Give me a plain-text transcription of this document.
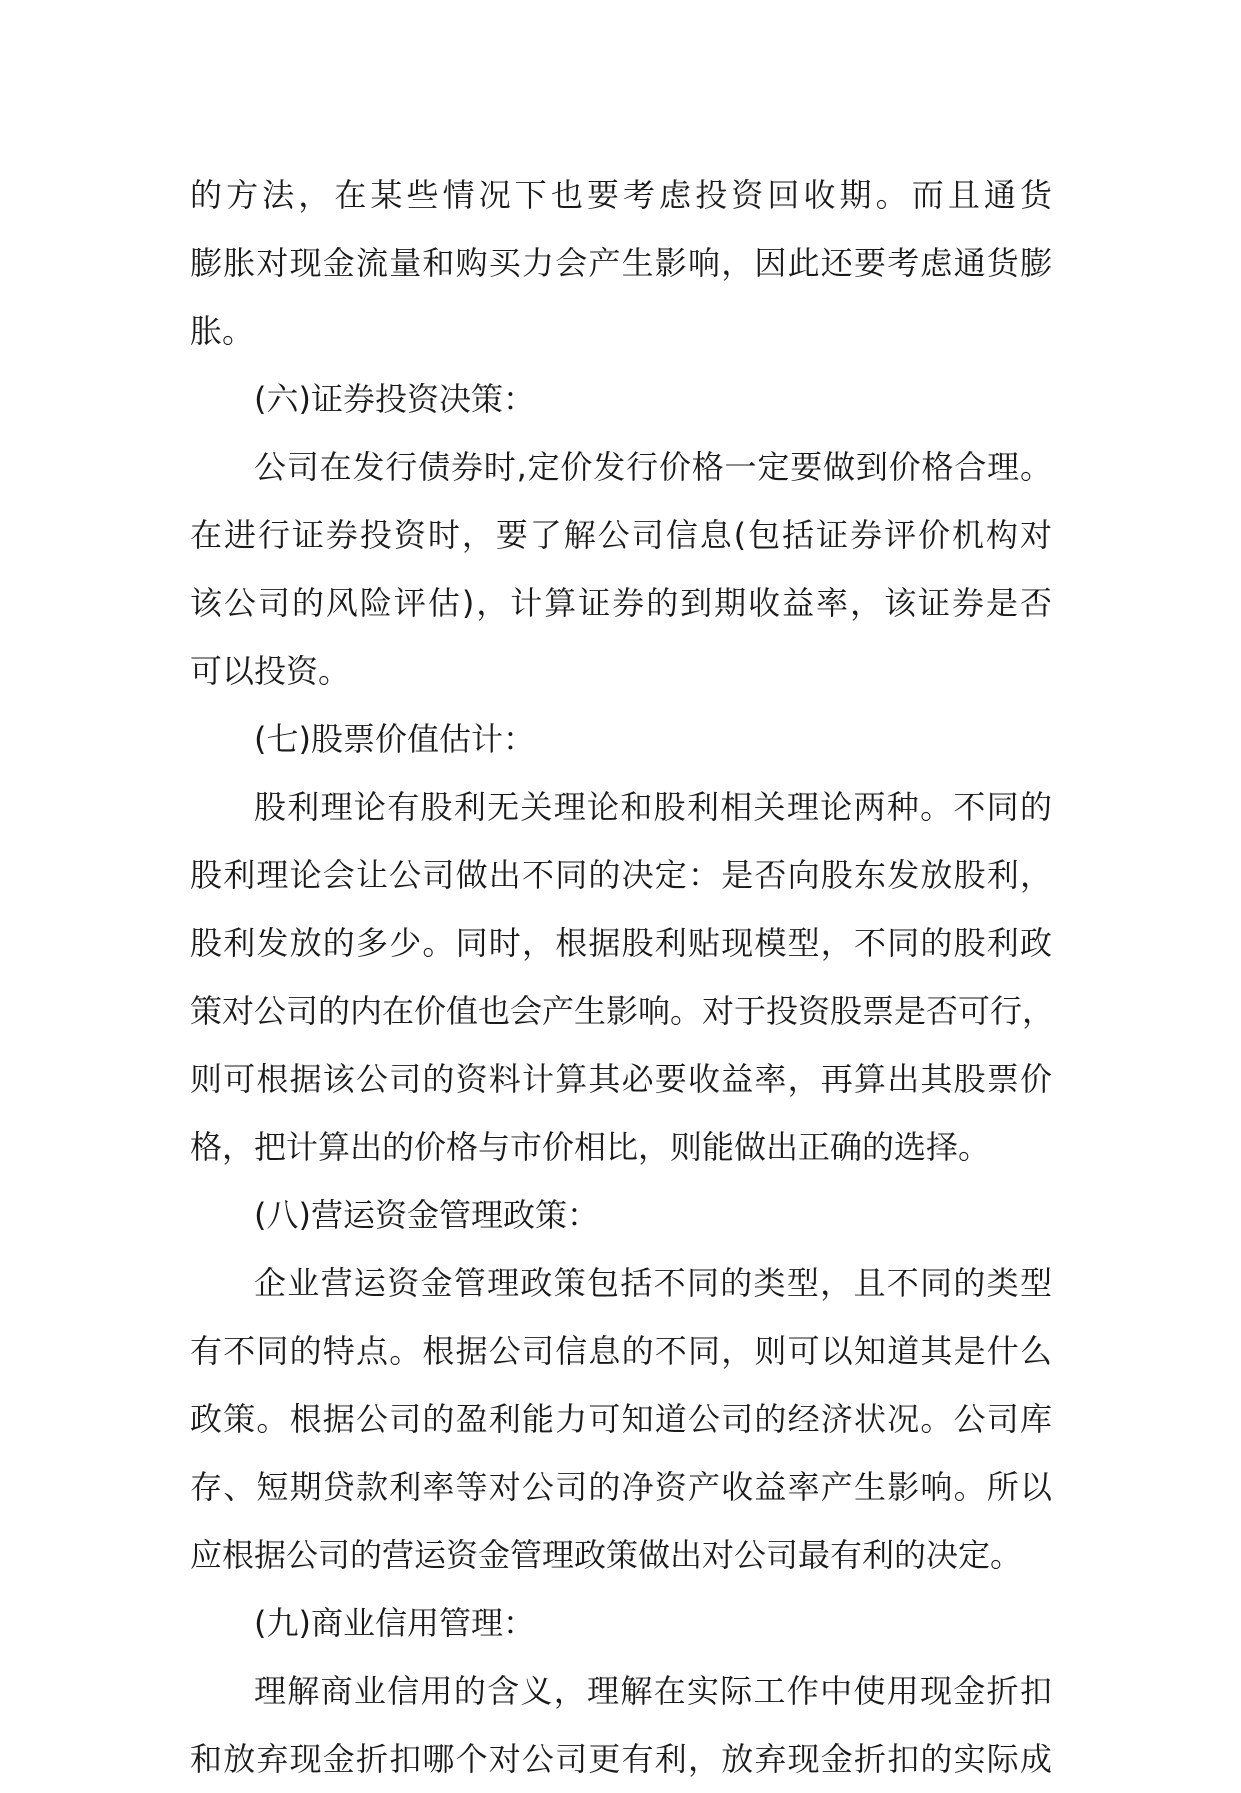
的方法，在某些情况下也要考虑投资回收期。而且通货
膨胀对现金流量和购买力会产生影响，因此还要考虑通货膨
胀。
(六)证券投资决策：
公司在发行债券时,定价发行价格一定要做到价格合理。
在进行证券投资时，要了解公司信息(包括证券评价机构对
该公司的风险评估)，计算证券的到期收益率，该证券是否
可以投资。
(七)股票价值估计：
股利理论有股利无关理论和股利相关理论两种。不同的
股利理论会让公司做出不同的决定：是否向股东发放股利，
股利发放的多少。同时，根据股利贴现模型，不同的股利政
策对公司的内在价值也会产生影响。对于投资股票是否可行，
则可根据该公司的资料计算其必要收益率，再算出其股票价
格，把计算出的价格与市价相比，则能做出正确的选择。
(八)营运资金管理政策：
企业营运资金管理政策包括不同的类型，且不同的类型
有不同的特点。根据公司信息的不同，则可以知道其是什么
政策。根据公司的盈利能力可知道公司的经济状况。公司库
存、短期贷款利率等对公司的净资产收益率产生影响。所以
应根据公司的营运资金管理政策做出对公司最有利的决定。
(九)商业信用管理：
理解商业信用的含义，理解在实际工作中使用现金折扣
和放弃现金折扣哪个对公司更有利，放弃现金折扣的实际成
